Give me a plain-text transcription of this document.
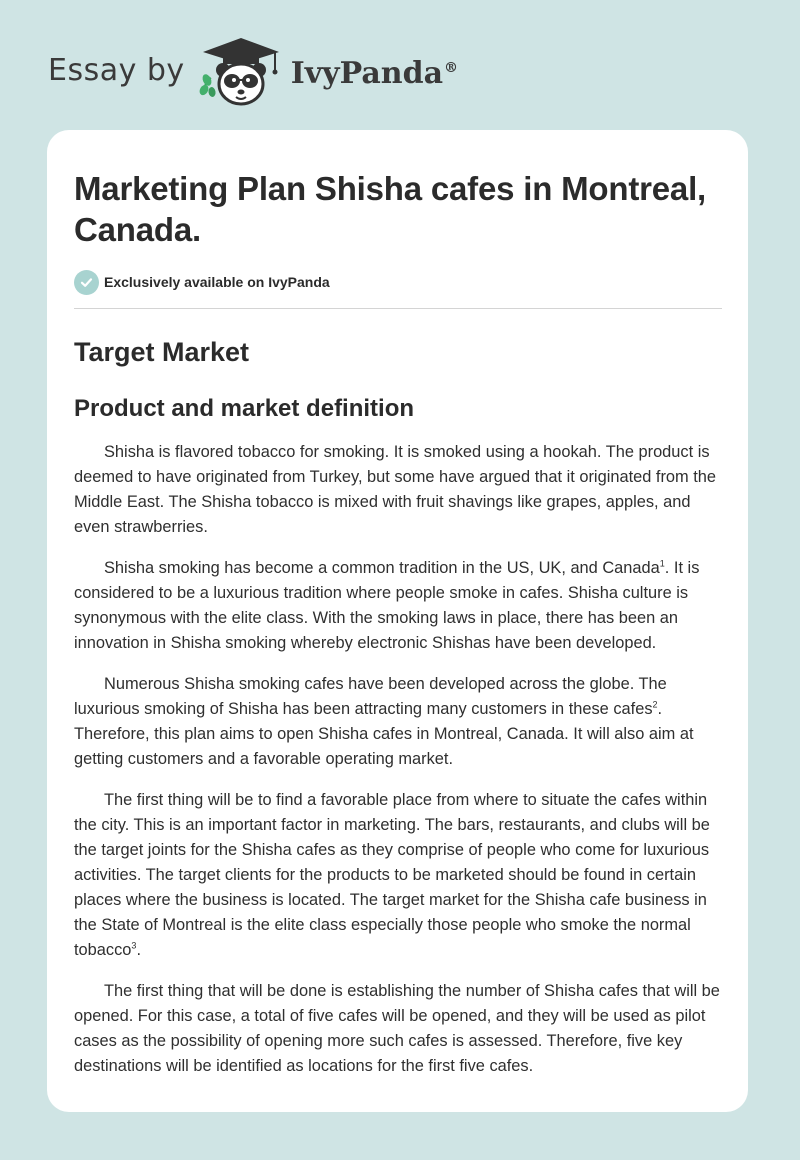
Essay by	IvyPanda®
Marketing Plan Shisha cafes in Montreal, Canada.
Exclusively available on IvyPanda
Target Market
Product and market definition

Shisha is flavored tobacco for smoking. It is smoked using a hookah. The product is deemed to have originated from Turkey, but some have argued that it originated from the Middle East. The Shisha tobacco is mixed with fruit shavings like grapes, apples, and even strawberries.

Shisha smoking has become a common tradition in the US, UK, and Canada$^1$. It is considered to be a luxurious tradition where people smoke in cafes. Shisha culture is synonymous with the elite class. With the smoking laws in place, there has been an innovation in Shisha smoking whereby electronic Shishas have been developed.

Numerous Shisha smoking cafes have been developed across the globe. The luxurious smoking of Shisha has been attracting many customers in these cafes$^2$. Therefore, this plan aims to open Shisha cafes in Montreal, Canada. It will also aim at getting customers and a favorable operating market.

The first thing will be to find a favorable place from where to situate the cafes within the city. This is an important factor in marketing. The bars, restaurants, and clubs will be the target joints for the Shisha cafes as they comprise of people who come for luxurious activities. The target clients for the products to be marketed should be found in certain places where the business is located. The target market for the Shisha cafe business in the State of Montreal is the elite class especially those people who smoke the normal tobacco$^3$.

The first thing that will be done is establishing the number of Shisha cafes that will be opened. For this case, a total of five cafes will be opened, and they will be used as pilot cases as the possibility of opening more such cafes is assessed. Therefore, five key destinations will be identified as locations for the first five cafes.
